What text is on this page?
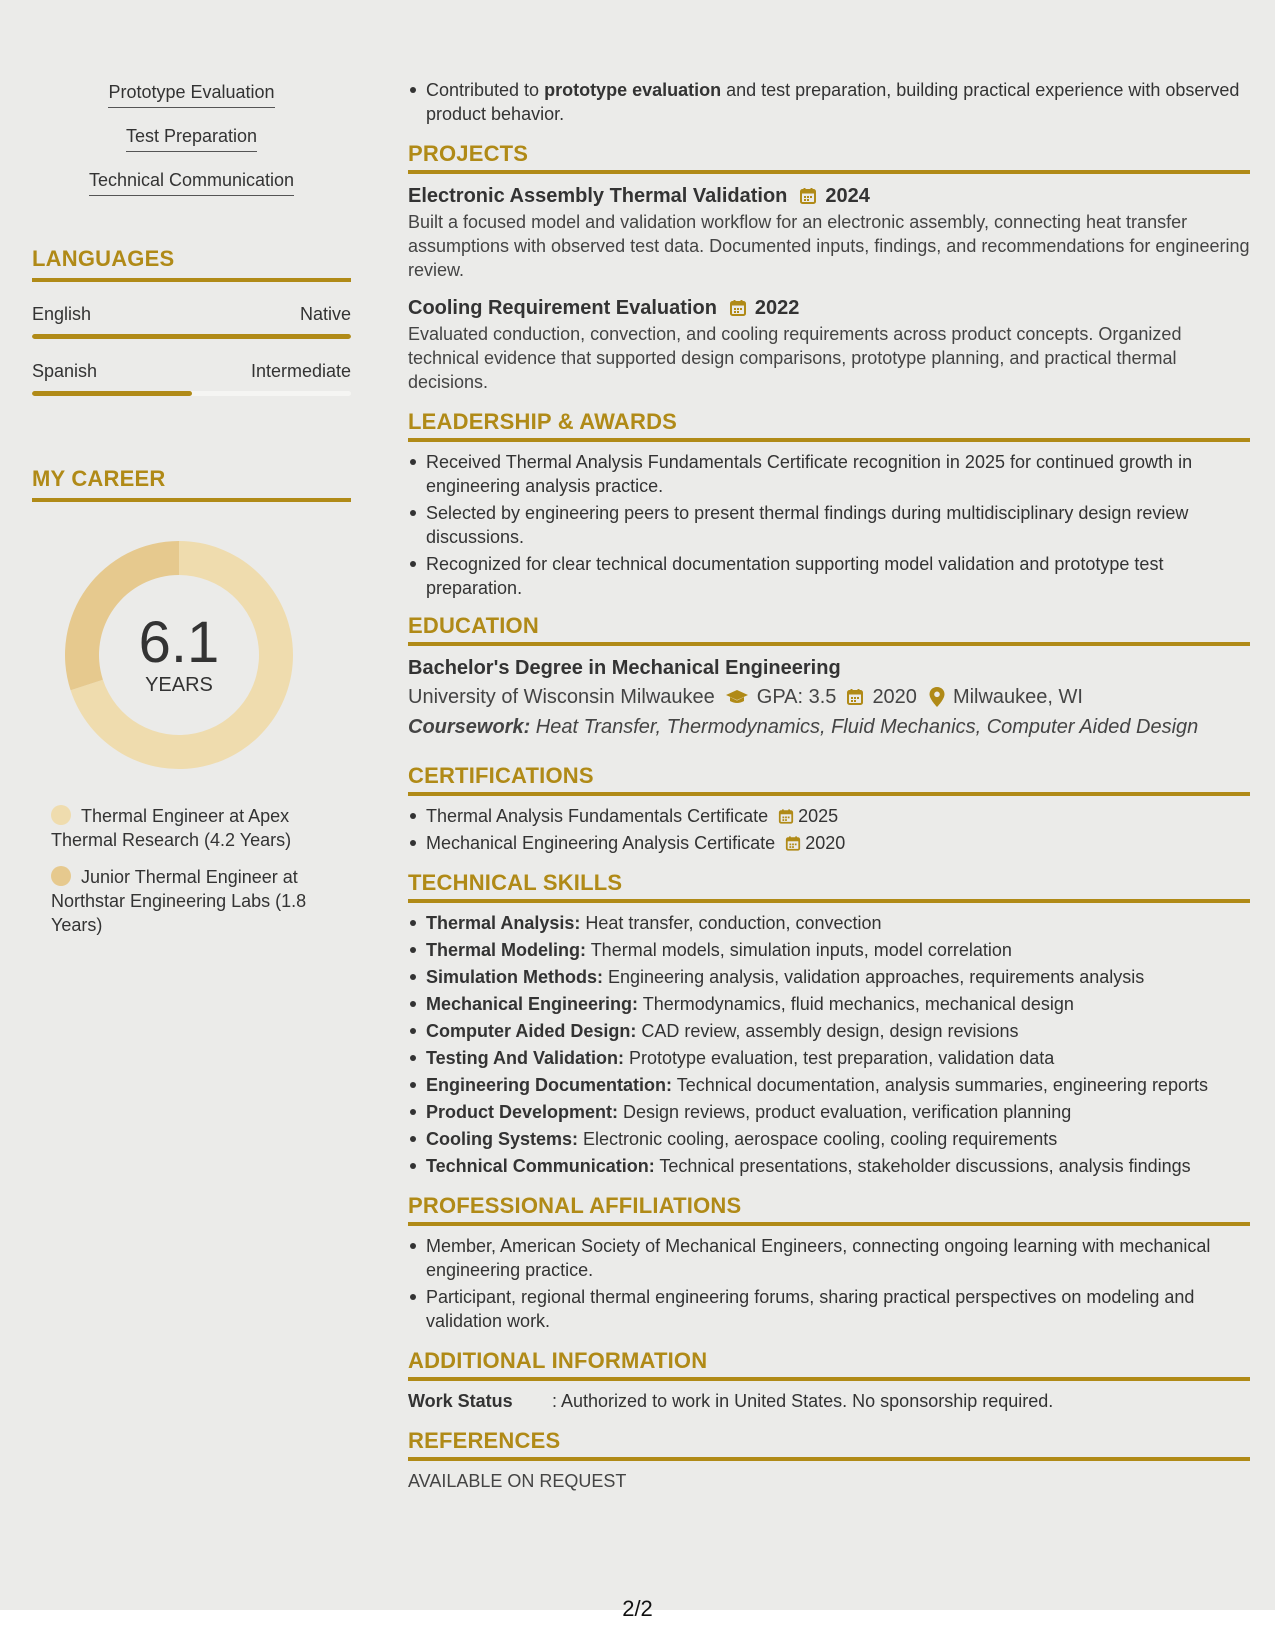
Prototype Evaluation
Test Preparation
Technical Communication
LANGUAGES
English	Native
Spanish	Intermediate
MY CAREER
6.1
YEARS
Thermal Engineer at Apex Thermal Research (4.2 Years)
Junior Thermal Engineer at Northstar Engineering Labs (1.8 Years)
Contributed to prototype evaluation and test preparation, building practical experience with observed product behavior.
PROJECTS
Electronic Assembly Thermal Validation 2024
Built a focused model and validation workflow for an electronic assembly, connecting heat transfer assumptions with observed test data. Documented inputs, findings, and recommendations for engineering review.
Cooling Requirement Evaluation 2022
Evaluated conduction, convection, and cooling requirements across product concepts. Organized technical evidence that supported design comparisons, prototype planning, and practical thermal decisions.
LEADERSHIP & AWARDS
Received Thermal Analysis Fundamentals Certificate recognition in 2025 for continued growth in engineering analysis practice.
Selected by engineering peers to present thermal findings during multidisciplinary design review discussions.
Recognized for clear technical documentation supporting model validation and prototype test preparation.
EDUCATION
Bachelor's Degree in Mechanical Engineering
University of Wisconsin Milwaukee GPA: 3.5 2020 Milwaukee, WI
Coursework: Heat Transfer, Thermodynamics, Fluid Mechanics, Computer Aided Design
CERTIFICATIONS
Thermal Analysis Fundamentals Certificate 2025
Mechanical Engineering Analysis Certificate 2020
TECHNICAL SKILLS
Thermal Analysis: Heat transfer, conduction, convection
Thermal Modeling: Thermal models, simulation inputs, model correlation
Simulation Methods: Engineering analysis, validation approaches, requirements analysis
Mechanical Engineering: Thermodynamics, fluid mechanics, mechanical design
Computer Aided Design: CAD review, assembly design, design revisions
Testing And Validation: Prototype evaluation, test preparation, validation data
Engineering Documentation: Technical documentation, analysis summaries, engineering reports
Product Development: Design reviews, product evaluation, verification planning
Cooling Systems: Electronic cooling, aerospace cooling, cooling requirements
Technical Communication: Technical presentations, stakeholder discussions, analysis findings
PROFESSIONAL AFFILIATIONS
Member, American Society of Mechanical Engineers, connecting ongoing learning with mechanical engineering practice.
Participant, regional thermal engineering forums, sharing practical perspectives on modeling and validation work.
ADDITIONAL INFORMATION
Work Status	: Authorized to work in United States. No sponsorship required.
REFERENCES
AVAILABLE ON REQUEST
2/2
